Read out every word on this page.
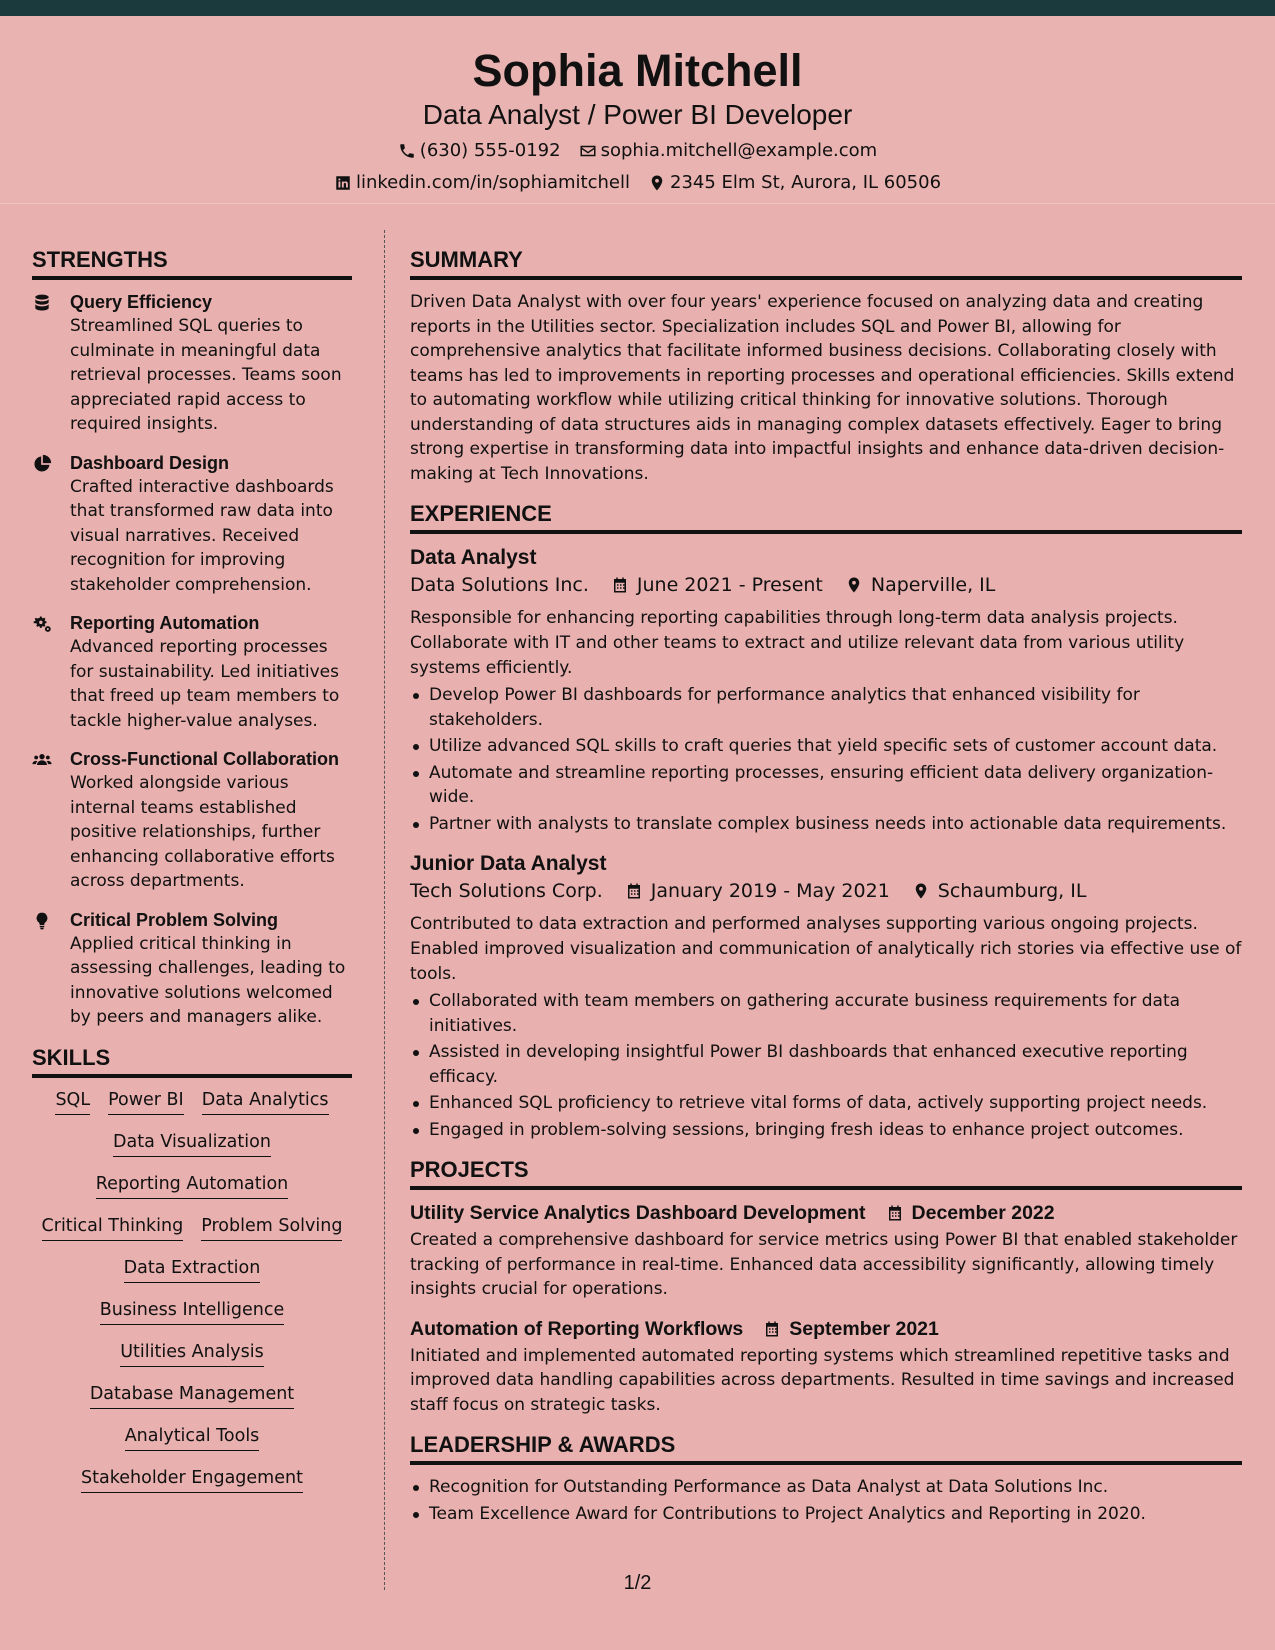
Sophia Mitchell
Data Analyst / Power BI Developer
(630) 555-0192 sophia.mitchell@example.com
linkedin.com/in/sophiamitchell 2345 Elm St, Aurora, IL 60506
STRENGTHS
Query Efficiency
Streamlined SQL queries to culminate in meaningful data retrieval processes. Teams soon appreciated rapid access to required insights.
Dashboard Design
Crafted interactive dashboards that transformed raw data into visual narratives. Received recognition for improving stakeholder comprehension.
Reporting Automation
Advanced reporting processes for sustainability. Led initiatives that freed up team members to tackle higher-value analyses.
Cross-Functional Collaboration
Worked alongside various internal teams established positive relationships, further enhancing collaborative efforts across departments.
Critical Problem Solving
Applied critical thinking in assessing challenges, leading to innovative solutions welcomed by peers and managers alike.
SKILLS
SQL Power BI Data Analytics
Data Visualization
Reporting Automation
Critical Thinking Problem Solving
Data Extraction
Business Intelligence
Utilities Analysis
Database Management
Analytical Tools
Stakeholder Engagement
SUMMARY
Driven Data Analyst with over four years' experience focused on analyzing data and creating reports in the Utilities sector. Specialization includes SQL and Power BI, allowing for comprehensive analytics that facilitate informed business decisions. Collaborating closely with teams has led to improvements in reporting processes and operational efficiencies. Skills extend to automating workflow while utilizing critical thinking for innovative solutions. Thorough understanding of data structures aids in managing complex datasets effectively. Eager to bring strong expertise in transforming data into impactful insights and enhance data-driven decision-making at Tech Innovations.
EXPERIENCE
Data Analyst
Data Solutions Inc.	June 2021 - Present	Naperville, IL
Responsible for enhancing reporting capabilities through long-term data analysis projects. Collaborate with IT and other teams to extract and utilize relevant data from various utility systems efficiently.
Develop Power BI dashboards for performance analytics that enhanced visibility for stakeholders.
Utilize advanced SQL skills to craft queries that yield specific sets of customer account data.
Automate and streamline reporting processes, ensuring efficient data delivery organization-wide.
Partner with analysts to translate complex business needs into actionable data requirements.
Junior Data Analyst
Tech Solutions Corp.	January 2019 - May 2021	Schaumburg, IL
Contributed to data extraction and performed analyses supporting various ongoing projects. Enabled improved visualization and communication of analytically rich stories via effective use of tools.
Collaborated with team members on gathering accurate business requirements for data initiatives.
Assisted in developing insightful Power BI dashboards that enhanced executive reporting efficacy.
Enhanced SQL proficiency to retrieve vital forms of data, actively supporting project needs.
Engaged in problem-solving sessions, bringing fresh ideas to enhance project outcomes.
PROJECTS
Utility Service Analytics Dashboard Development December 2022
Created a comprehensive dashboard for service metrics using Power BI that enabled stakeholder tracking of performance in real-time. Enhanced data accessibility significantly, allowing timely insights crucial for operations.
Automation of Reporting Workflows September 2021
Initiated and implemented automated reporting systems which streamlined repetitive tasks and improved data handling capabilities across departments. Resulted in time savings and increased staff focus on strategic tasks.
LEADERSHIP & AWARDS
Recognition for Outstanding Performance as Data Analyst at Data Solutions Inc.
Team Excellence Award for Contributions to Project Analytics and Reporting in 2020.
1/2
